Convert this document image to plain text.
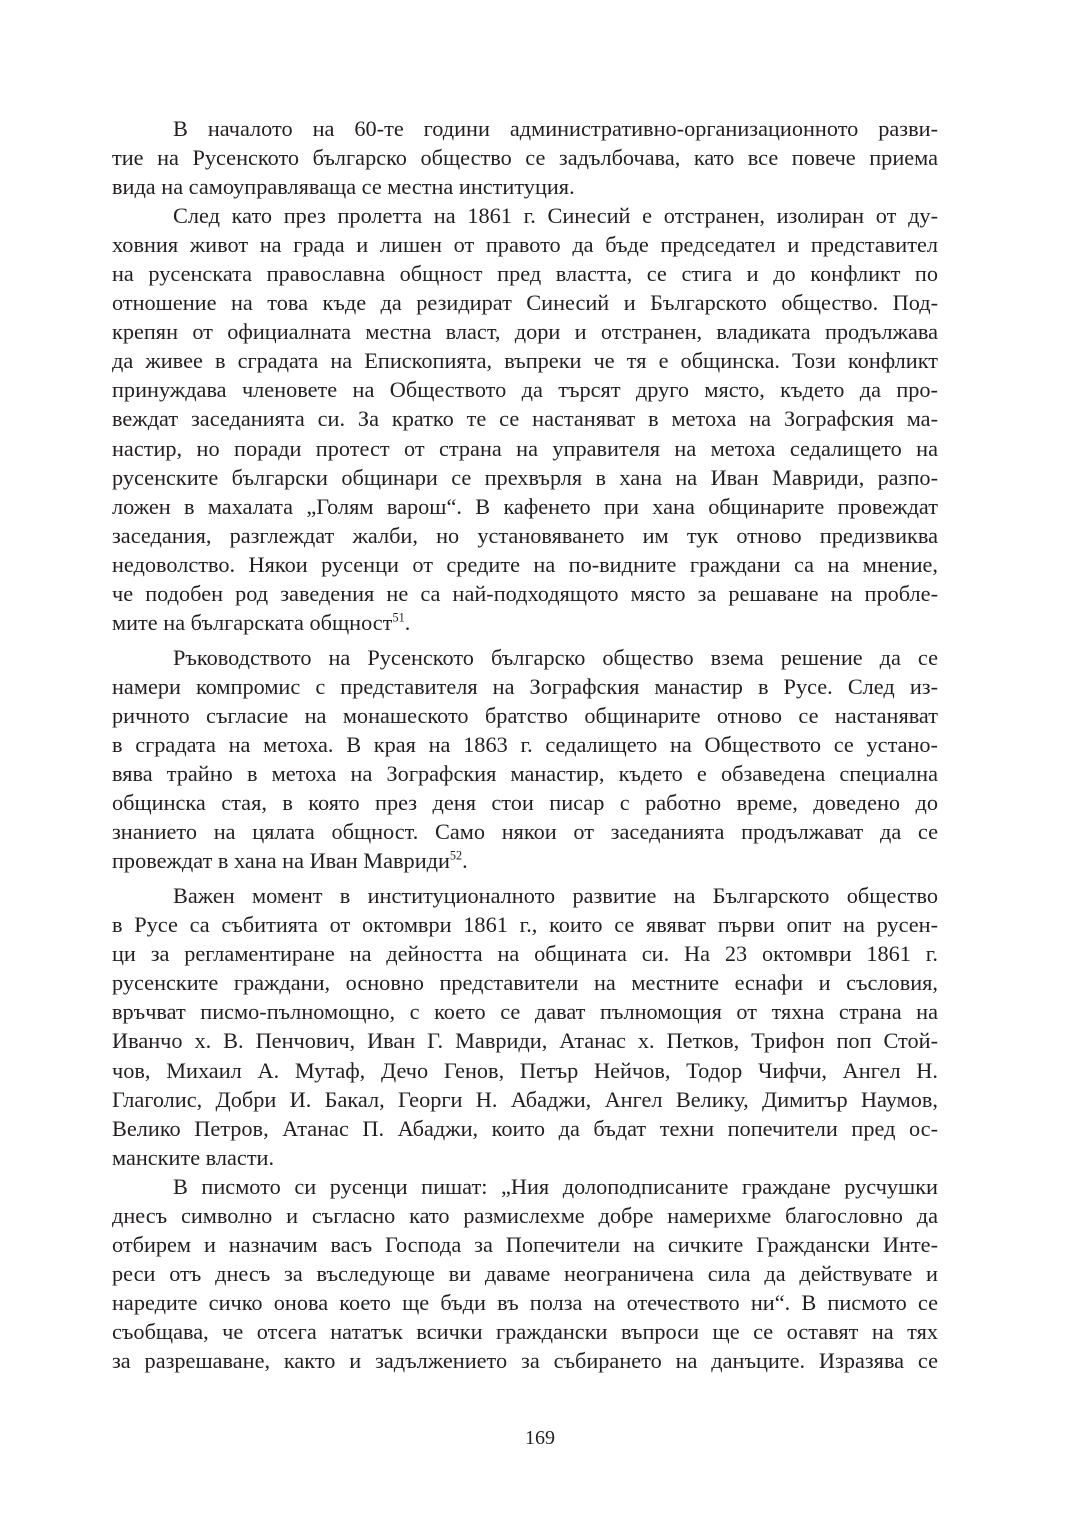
В началото на 60-те години административно-организационното разви-
тие на Русенското българско общество се задълбочава, като все повече приема
вида на самоуправляваща се местна институция.
След като през пролетта на 1861 г. Синесий е отстранен, изолиран от ду-
ховния живот на града и лишен от правото да бъде председател и представител
на русенската православна общност пред властта, се стига и до конфликт по
отношение на това къде да резидират Синесий и Българското общество. Под-
крепян от официалната местна власт, дори и отстранен, владиката продължава
да живее в сградата на Епископията, въпреки че тя е общинска. Този конфликт
принуждава членовете на Обществото да търсят друго място, където да про-
веждат заседанията си. За кратко те се настаняват в метоха на Зографския ма-
настир, но поради протест от страна на управителя на метоха седалището на
русенските български общинари се прехвърля в хана на Иван Мавриди, разпо-
ложен в махалата „Голям варош“. В кафенето при хана общинарите провеждат
заседания, разглеждат жалби, но установяването им тук отново предизвиква
недоволство. Някои русенци от средите на по-видните граждани са на мнение,
че подобен род заведения не са най-подходящото място за решаване на пробле-
мите на българската общност$^{51}$.
Ръководството на Русенското българско общество взема решение да се
намери компромис с представителя на Зографския манастир в Русе. След из-
ричното съгласие на монашеското братство общинарите отново се настаняват
в сградата на метоха. В края на 1863 г. седалището на Обществото се устано-
вява трайно в метоха на Зографския манастир, където е обзаведена специална
общинска стая, в която през деня стои писар с работно време, доведено до
знанието на цялата общност. Само някои от заседанията продължават да се
провеждат в хана на Иван Мавриди$^{52}$.
Важен момент в институционалното развитие на Българското общество
в Русе са събитията от октомври 1861 г., които се явяват първи опит на русен-
ци за регламентиране на дейността на общината си. На 23 октомври 1861 г.
русенските граждани, основно представители на местните еснафи и съсловия,
връчват писмо-пълномощно, с което се дават пълномощия от тяхна страна на
Иванчо х. В. Пенчович, Иван Г. Мавриди, Атанас х. Петков, Трифон поп Стой-
чов, Михаил А. Мутаф, Дечо Генов, Петър Нейчов, Тодор Чифчи, Ангел Н.
Глаголис, Добри И. Бакал, Георги Н. Абаджи, Ангел Велику, Димитър Наумов,
Велико Петров, Атанас П. Абаджи, които да бъдат техни попечители пред ос-
манските власти.
В писмото си русенци пишат: „Ния долоподписаните граждане русчушки
днесъ символно и съгласно като размислехме добре намерихме благословно да
отбирем и назначим васъ Господа за Попечители на сичките Граждански Инте-
реси отъ днесъ за въследующе ви даваме неограничена сила да действувате и
наредите сичко онова което ще бъди въ полза на отечеството ни“. В писмото се
съобщава, че отсега нататък всички граждански въпроси ще се оставят на тях
за разрешаване, както и задължението за събирането на данъците. Изразява се
169
